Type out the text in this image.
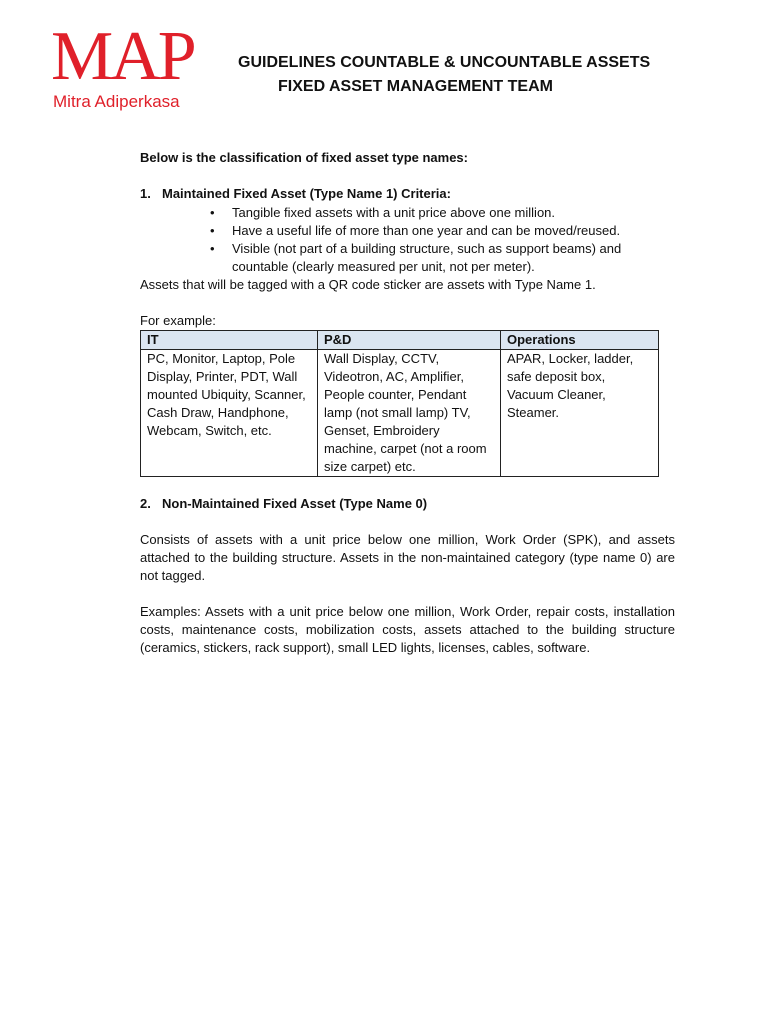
MAP
Mitra Adiperkasa
GUIDELINES COUNTABLE & UNCOUNTABLE ASSETS
FIXED ASSET MANAGEMENT TEAM

Below is the classification of fixed asset type names:

1. Maintained Fixed Asset (Type Name 1) Criteria:
• Tangible fixed assets with a unit price above one million.
• Have a useful life of more than one year and can be moved/reused.
• Visible (not part of a building structure, such as support beams) and countable (clearly measured per unit, not per meter).

Assets that will be tagged with a QR code sticker are assets with Type Name 1.

For example:

IT	P&D	Operations
PC, Monitor, Laptop, Pole Display, Printer, PDT, Wall mounted Ubiquity, Scanner, Cash Draw, Handphone, Webcam, Switch, etc.	Wall Display, CCTV, Videotron, AC, Amplifier, People counter, Pendant lamp (not small lamp) TV, Genset, Embroidery machine, carpet (not a room size carpet) etc.	APAR, Locker, ladder, safe deposit box, Vacuum Cleaner, Steamer.
2. Non-Maintained Fixed Asset (Type Name 0)

Consists of assets with a unit price below one million, Work Order (SPK), and assets attached to the building structure. Assets in the non-maintained category (type name 0) are not tagged.

Examples: Assets with a unit price below one million, Work Order, repair costs, installation costs, maintenance costs, mobilization costs, assets attached to the building structure (ceramics, stickers, rack support), small LED lights, licenses, cables, software.
